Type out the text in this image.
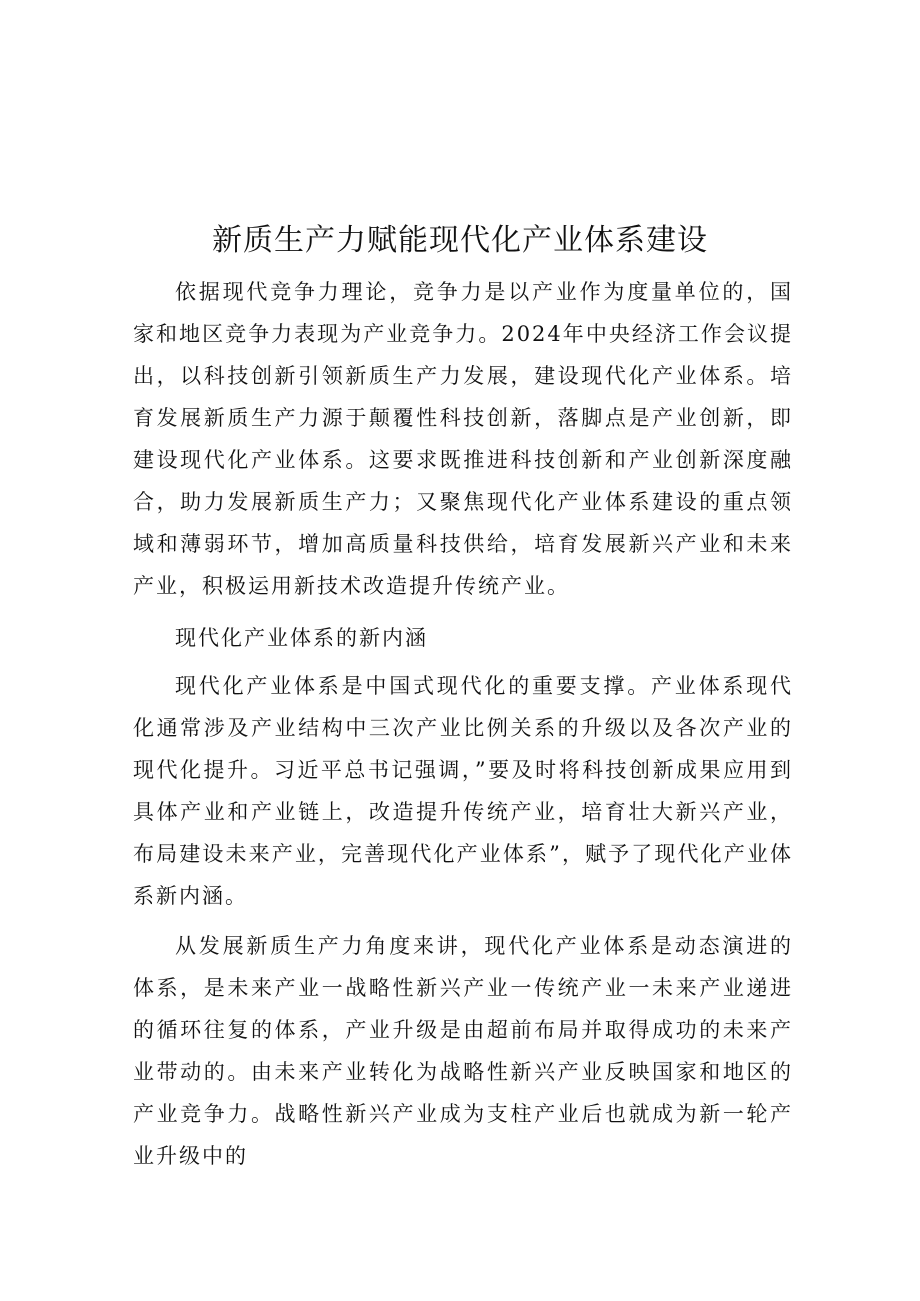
新质生产力赋能现代化产业体系建设

依据现代竞争力理论，竞争力是以产业作为度量单位的，国家和地区竞争力表现为产业竞争力。2024年中央经济工作会议提出，以科技创新引领新质生产力发展，建设现代化产业体系。培育发展新质生产力源于颠覆性科技创新，落脚点是产业创新，即建设现代化产业体系。这要求既推进科技创新和产业创新深度融合，助力发展新质生产力；又聚焦现代化产业体系建设的重点领域和薄弱环节，增加高质量科技供给，培育发展新兴产业和未来产业，积极运用新技术改造提升传统产业。

现代化产业体系的新内涵

现代化产业体系是中国式现代化的重要支撑。产业体系现代化通常涉及产业结构中三次产业比例关系的升级以及各次产业的现代化提升。习近平总书记强调，”要及时将科技创新成果应用到具体产业和产业链上，改造提升传统产业，培育壮大新兴产业，布局建设未来产业，完善现代化产业体系”，赋予了现代化产业体系新内涵。

从发展新质生产力角度来讲，现代化产业体系是动态演进的体系，是未来产业一战略性新兴产业一传统产业一未来产业递进的循环往复的体系，产业升级是由超前布局并取得成功的未来产业带动的。由未来产业转化为战略性新兴产业反映国家和地区的产业竞争力。战略性新兴产业成为支柱产业后也就成为新一轮产业升级中的
